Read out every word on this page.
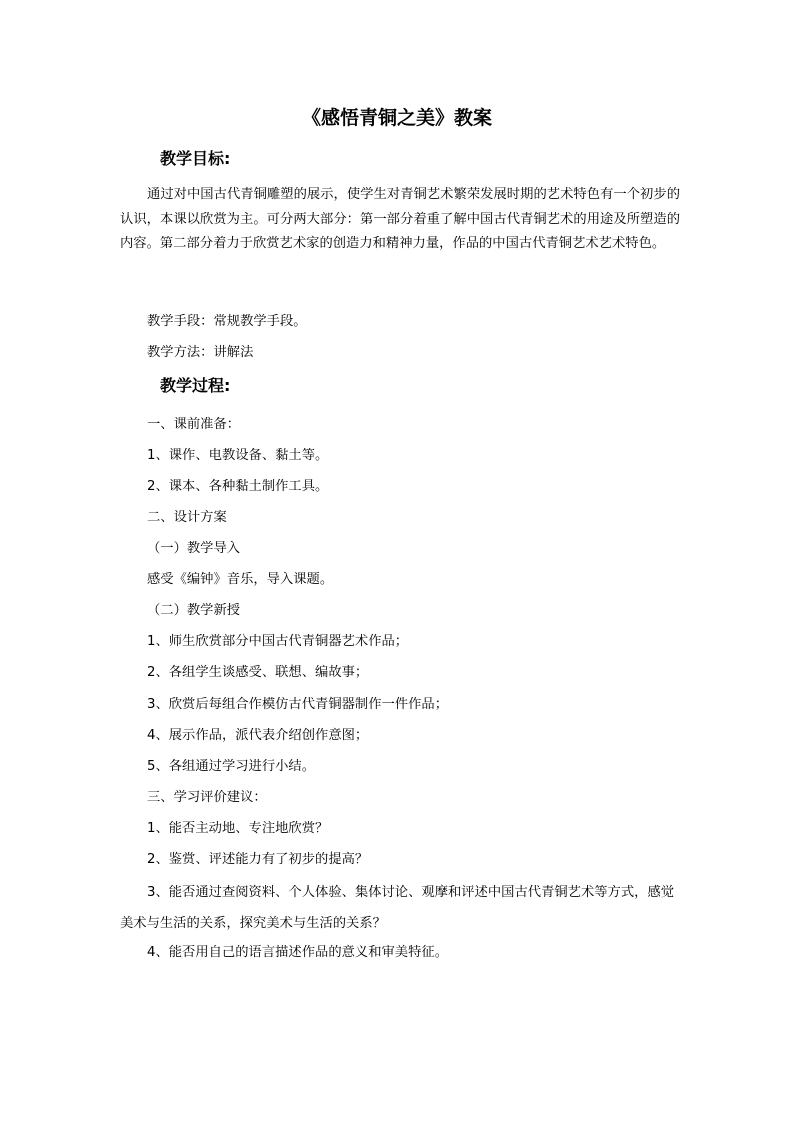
《感悟青铜之美》教案
教学目标:
通过对中国古代青铜雕塑的展示，使学生对青铜艺术繁荣发展时期的艺术特色有一个初步的认识，本课以欣赏为主。可分两大部分：第一部分着重了解中国古代青铜艺术的用途及所塑造的内容。第二部分着力于欣赏艺术家的创造力和精神力量，作品的中国古代青铜艺术艺术特色。
教学手段：常规教学手段。
教学方法：讲解法
教学过程:
一、课前准备：
1、课作、电教设备、黏土等。
2、课本、各种黏土制作工具。
二、设计方案
（一）教学导入
感受《编钟》音乐，导入课题。
（二）教学新授
1、师生欣赏部分中国古代青铜器艺术作品；
2、各组学生谈感受、联想、编故事；
3、欣赏后每组合作模仿古代青铜器制作一件作品；
4、展示作品，派代表介绍创作意图；
5、各组通过学习进行小结。
三、学习评价建议：
1、能否主动地、专注地欣赏？
2、鉴赏、评述能力有了初步的提高？
3、能否通过查阅资料、个人体验、集体讨论、观摩和评述中国古代青铜艺术等方式，感觉美术与生活的关系，探究美术与生活的关系？
4、能否用自己的语言描述作品的意义和审美特征。
